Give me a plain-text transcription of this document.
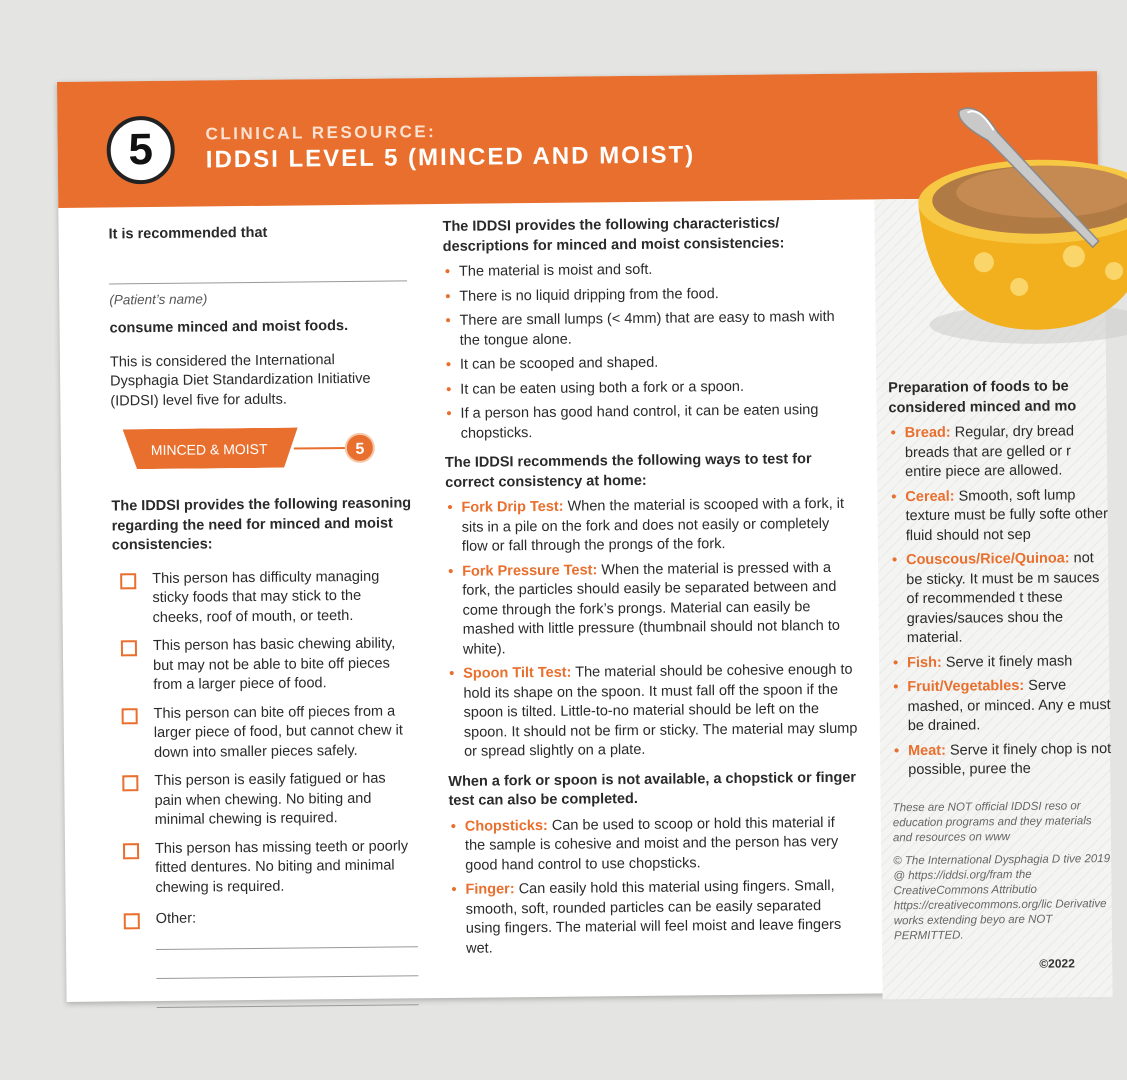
5	CLINICAL RESOURCE:
IDDSI LEVEL 5 (MINCED AND MOIST)
It is recommended that
(Patient’s name)
consume minced and moist foods.
This is considered the International Dysphagia Diet Standardization Initiative (IDDSI) level five for adults.
MINCED & MOIST	5
The IDDSI provides the following reasoning regarding the need for minced and moist consistencies:
This person has difficulty managing sticky foods that may stick to the cheeks, roof of mouth, or teeth.
This person has basic chewing ability, but may not be able to bite off pieces from a larger piece of food.
This person can bite off pieces from a larger piece of food, but cannot chew it down into smaller pieces safely.
This person is easily fatigued or has pain when chewing. No biting and minimal chewing is required.
This person has missing teeth or poorly fitted dentures. No biting and minimal chewing is required.
Other:
The IDDSI provides the following characteristics/ descriptions for minced and moist consistencies:
• The material is moist and soft.
• There is no liquid dripping from the food.
• There are small lumps (< 4mm) that are easy to mash with the tongue alone.
• It can be scooped and shaped.
• It can be eaten using both a fork or a spoon.
• If a person has good hand control, it can be eaten using chopsticks.
The IDDSI recommends the following ways to test for correct consistency at home:
• Fork Drip Test: When the material is scooped with a fork, it sits in a pile on the fork and does not easily or completely flow or fall through the prongs of the fork.
• Fork Pressure Test: When the material is pressed with a fork, the particles should easily be separated between and come through the fork’s prongs. Material can easily be mashed with little pressure (thumbnail should not blanch to white).
• Spoon Tilt Test: The material should be cohesive enough to hold its shape on the spoon. It must fall off the spoon if the spoon is tilted. Little-to-no material should be left on the spoon. It should not be firm or sticky. The material may slump or spread slightly on a plate.
When a fork or spoon is not available, a chopstick or finger test can also be completed.
• Chopsticks: Can be used to scoop or hold this material if the sample is cohesive and moist and the person has very good hand control to use chopsticks.
• Finger: Can easily hold this material using fingers. Small, smooth, soft, rounded particles can be easily separated using fingers. The material will feel moist and leave fingers wet.
Preparation of foods to be considered minced and mo
• Bread: Regular, dry bread breads that are gelled or r entire piece are allowed.
• Cereal: Smooth, soft lump texture must be fully softe other fluid should not sep
• Couscous/Rice/Quinoa: not be sticky. It must be m sauces of recommended t these gravies/sauces shou the material.
• Fish: Serve it finely mash
• Fruit/Vegetables: Serve mashed, or minced. Any e must be drained.
• Meat: Serve it finely chop is not possible, puree the
These are NOT official IDDSI reso or education programs and they materials and resources on www
© The International Dysphagia D tive 2019 @ https://iddsi.org/fram the CreativeCommons Attributio https://creativecommons.org/lic Derivative works extending beyo are NOT PERMITTED.
©2022
